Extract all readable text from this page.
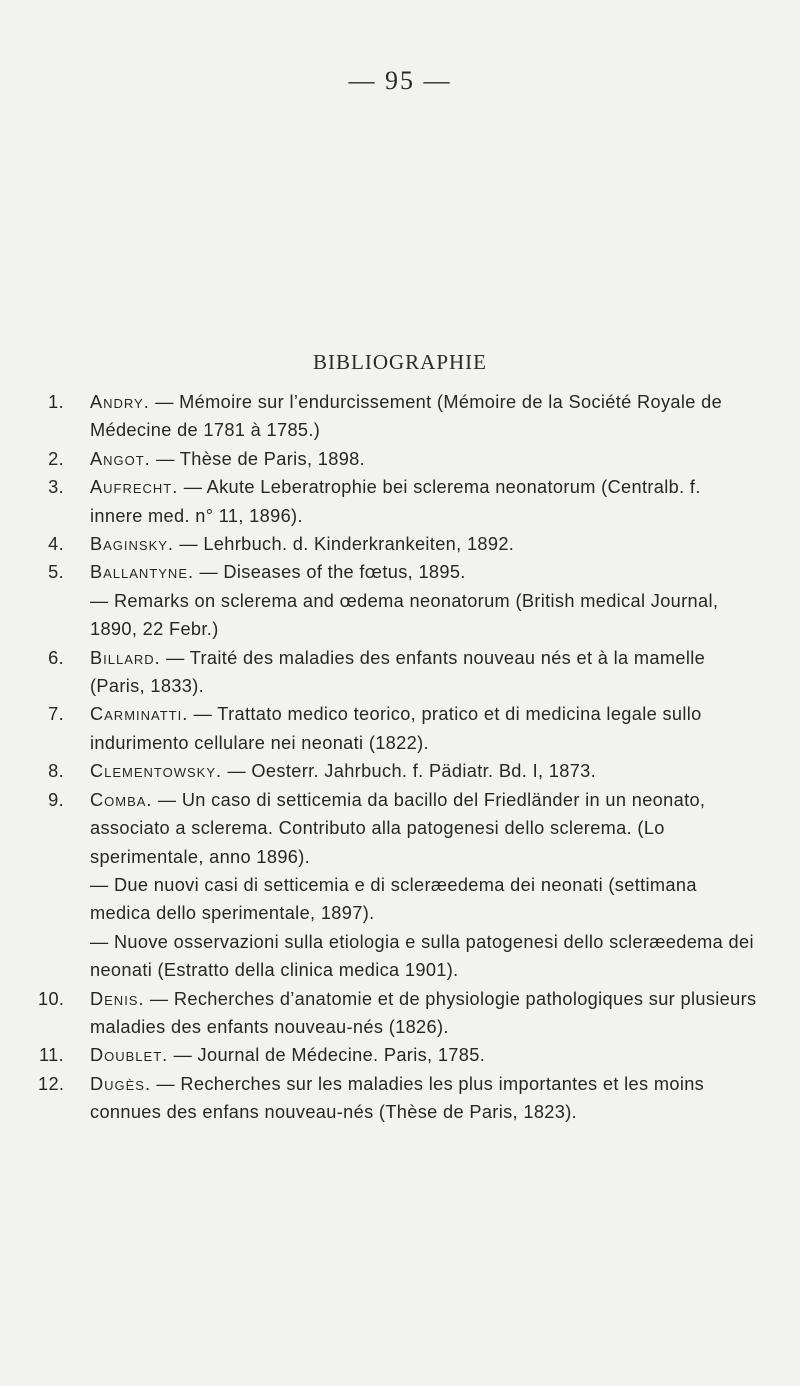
— 95 —
BIBLIOGRAPHIE
1. Andry. — Mémoire sur l’endurcissement (Mémoire de la Société Royale de Médecine de 1781 à 1785.)
2. Angot. — Thèse de Paris, 1898.
3. Aufrecht. — Akute Leberatrophie bei sclerema neonatorum (Centralb. f. innere med. n° 11, 1896).
4. Baginsky. — Lehrbuch. d. Kinderkrankeiten, 1892.
5. Ballantyne. — Diseases of the fœtus, 1895.
— Remarks on sclerema and œdema neonatorum (British medical Journal, 1890, 22 Febr.)
6. Billard. — Traité des maladies des enfants nouveau nés et à la mamelle (Paris, 1833).
7. Carminatti. — Trattato medico teorico, pratico et di medicina legale sullo indurimento cellulare nei neonati (1822).
8. Clementowsky. — Oesterr. Jahrbuch. f. Pädiatr. Bd. I, 1873.
9. Comba. — Un caso di setticemia da bacillo del Friedländer in un neonato, associato a sclerema. Contributo alla patogenesi dello sclerema. (Lo sperimentale, anno 1896).
— Due nuovi casi di setticemia e di scleræedema dei neonati (settimana medica dello sperimentale, 1897).
— Nuove osservazioni sulla etiologia e sulla patogenesi dello scleræedema dei neonati (Estratto della clinica medica 1901).
10. Denis. — Recherches d’anatomie et de physiologie pathologiques sur plusieurs maladies des enfants nouveau-nés (1826).
11. Doublet. — Journal de Médecine. Paris, 1785.
12. Dugès. — Recherches sur les maladies les plus importantes et les moins connues des enfans nouveau-nés (Thèse de Paris, 1823).
